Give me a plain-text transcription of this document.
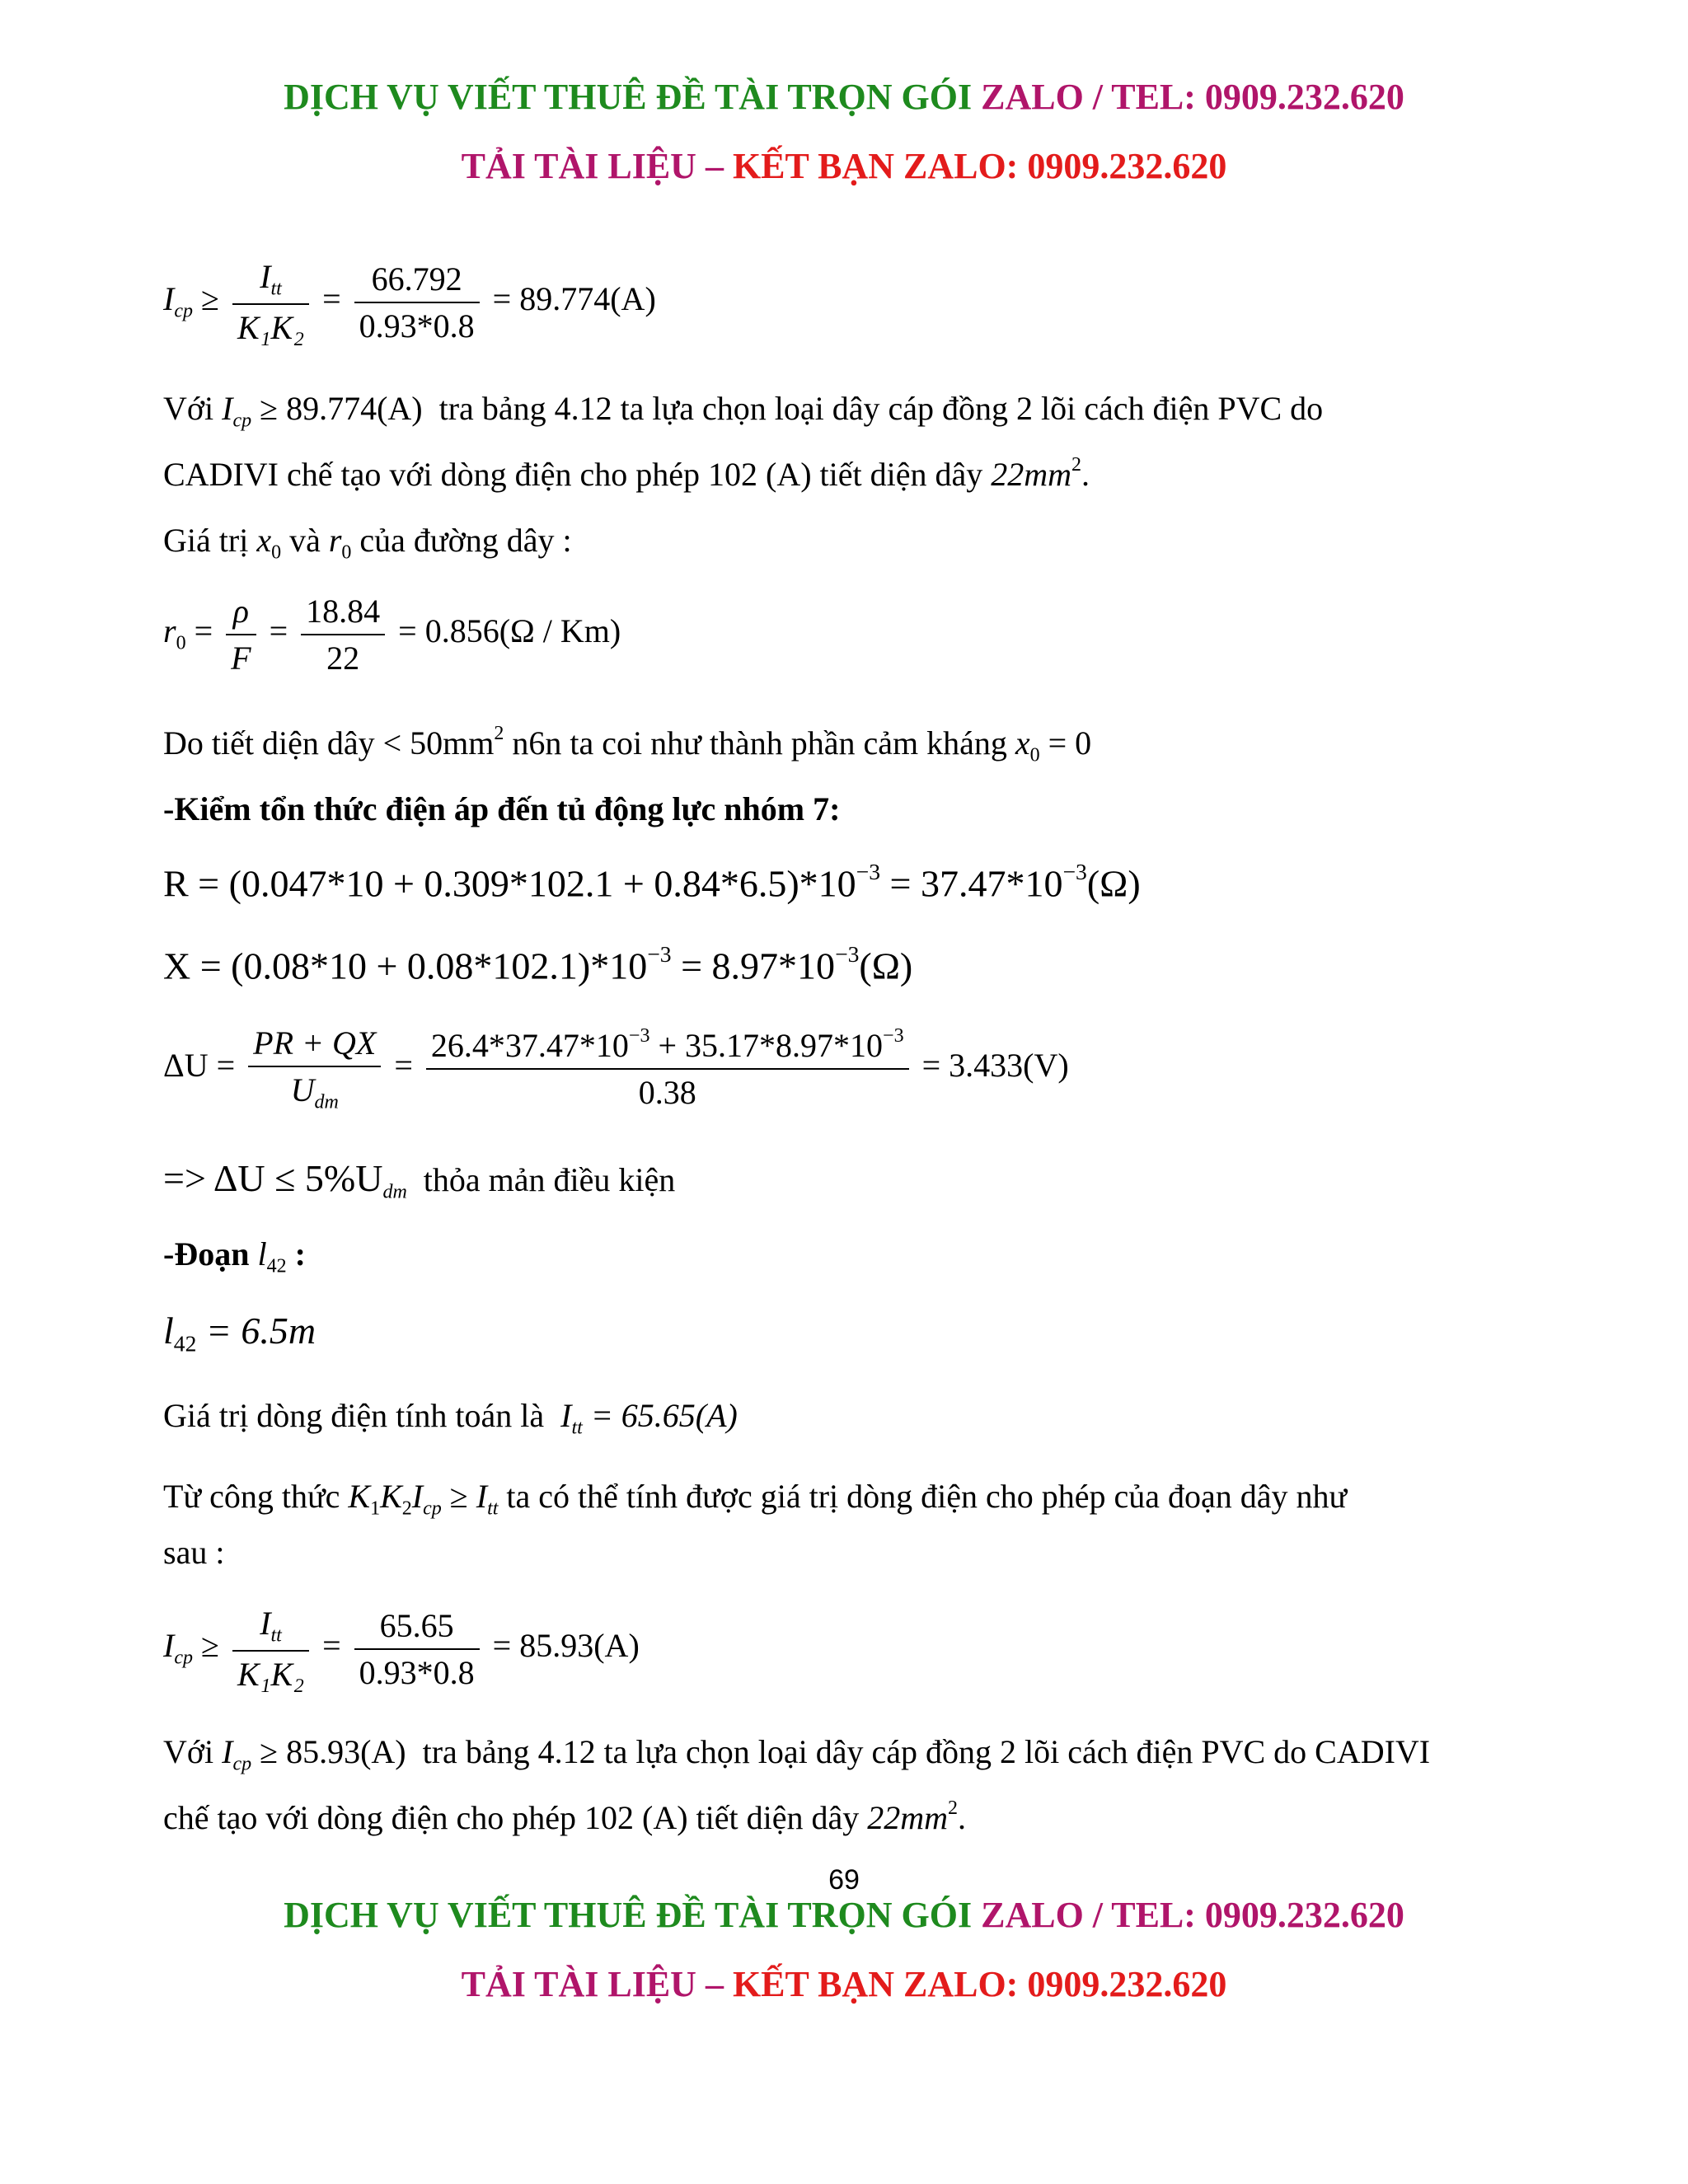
DỊCH VỤ VIẾT THUÊ ĐỀ TÀI TRỌN GÓI ZALO / TEL: 0909.232.620
TẢI TÀI LIỆU – KẾT BẠN ZALO: 0909.232.620
$I_{cp} \ge \frac{I_{tt}}{\text{K₁K₂}} = \frac{66.792}{0.93*0.8} = 89.774(A)$
Với $I_{cp} \ge 89.774(A)$ tra bảng 4.12 ta lựa chọn loại dây cáp đồng 2 lõi cách điện PVC do
CADIVI chế tạo với dòng điện cho phép 102 (A) tiết diện dây $22mm^2$.
Giá trị $x_0$ và $r_0$ của đường dây :
$r_0 = \frac{\rho}{F} = \frac{18.84}{22} = 0.856(\Omega / Km)$
Do tiết diện dây < $50mm^2$ n6n ta coi như thành phần cảm kháng $x_0 = 0$
-Kiểm tổn thức điện áp đến tủ động lực nhóm 7:
$R = (0.047*10 + 0.309*102.1 + 0.84*6.5)*10^{-3} = 37.47*10^{-3}(\Omega)$
$X = (0.08*10 + 0.08*102.1)*10^{-3} = 8.97*10^{-3}(\Omega)$
$\Delta U = \frac{PR + QX}{U_{dm}} = \frac{26.4*37.47*10^{-3} + 35.17*8.97*10^{-3}}{0.38} = 3.433(V)$
=> $\Delta U \le 5\%U_{dm}$ thỏa mản điều kiện
-Đoạn $l_{42}$ :
$l_{42} = 6.5m$
Giá trị dòng điện tính toán là $I_{tt} = 65.65(A)$
Từ công thức $K_1K_2I_{cp} \ge I_{tt}$ ta có thể tính được giá trị dòng điện cho phép của đoạn dây như
sau :
$I_{cp} \ge \frac{I_{tt}}{\text{K₁K₂}} = \frac{65.65}{0.93*0.8} = 85.93(A)$
Với $I_{cp} \ge 85.93(A)$ tra bảng 4.12 ta lựa chọn loại dây cáp đồng 2 lõi cách điện PVC do CADIVI
chế tạo với dòng điện cho phép 102 (A) tiết diện dây $22mm^2$.
69
DỊCH VỤ VIẾT THUÊ ĐỀ TÀI TRỌN GÓI ZALO / TEL: 0909.232.620
TẢI TÀI LIỆU – KẾT BẠN ZALO: 0909.232.620
